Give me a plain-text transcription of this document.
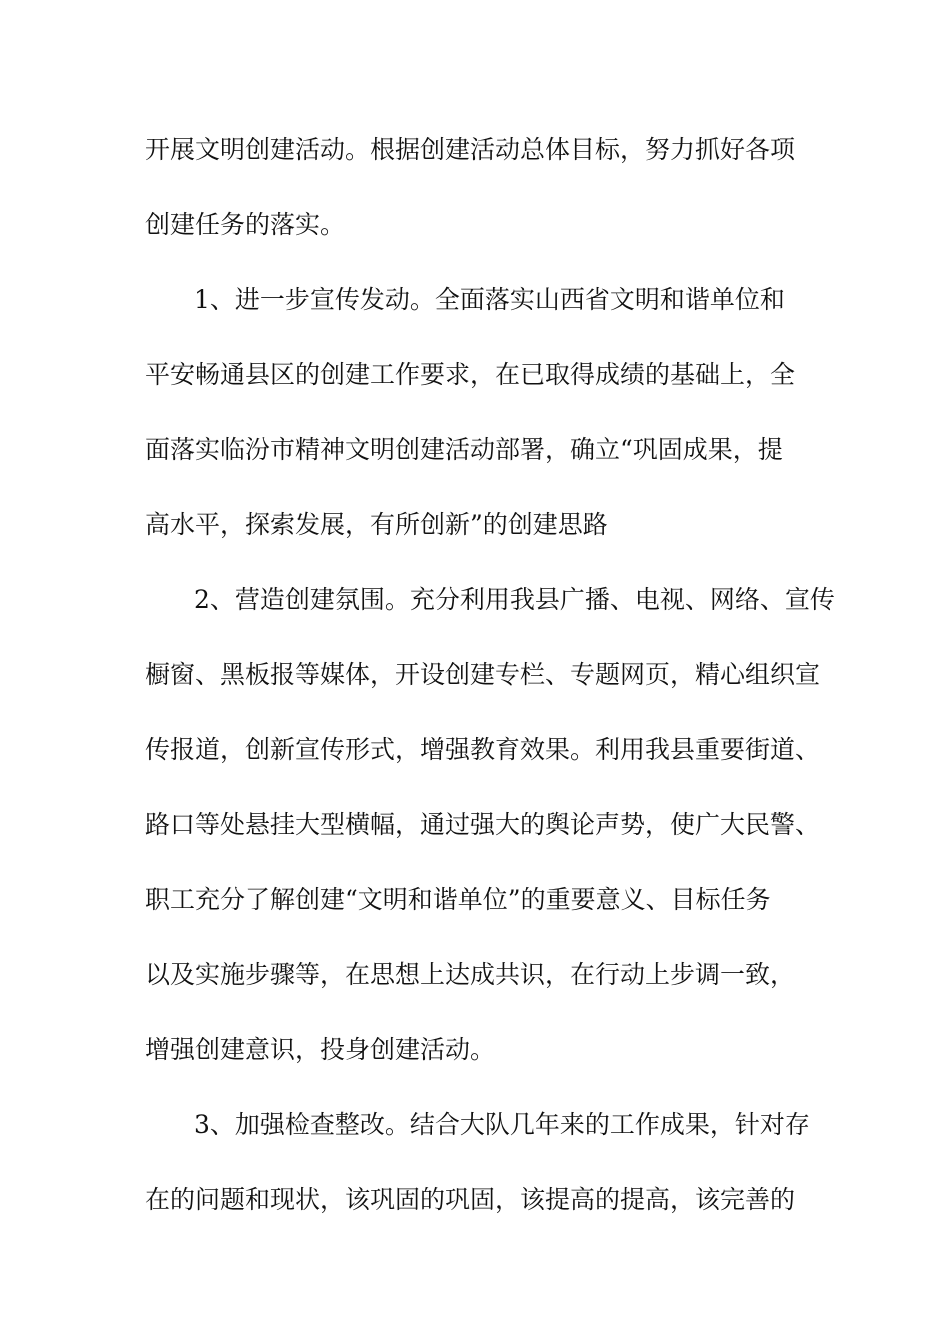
开展文明创建活动。根据创建活动总体目标，努力抓好各项
创建任务的落实。
1、进一步宣传发动。全面落实山西省文明和谐单位和
平安畅通县区的创建工作要求，在已取得成绩的基础上，全
面落实临汾市精神文明创建活动部署，确立“巩固成果，提
高水平，探索发展，有所创新”的创建思路
2、营造创建氛围。充分利用我县广播、电视、网络、宣传
橱窗、黑板报等媒体，开设创建专栏、专题网页，精心组织宣
传报道，创新宣传形式，增强教育效果。利用我县重要街道、
路口等处悬挂大型横幅，通过强大的舆论声势，使广大民警、
职工充分了解创建“文明和谐单位”的重要意义、目标任务
以及实施步骤等，在思想上达成共识，在行动上步调一致，
增强创建意识，投身创建活动。
3、加强检查整改。结合大队几年来的工作成果，针对存
在的问题和现状，该巩固的巩固，该提高的提高，该完善的
